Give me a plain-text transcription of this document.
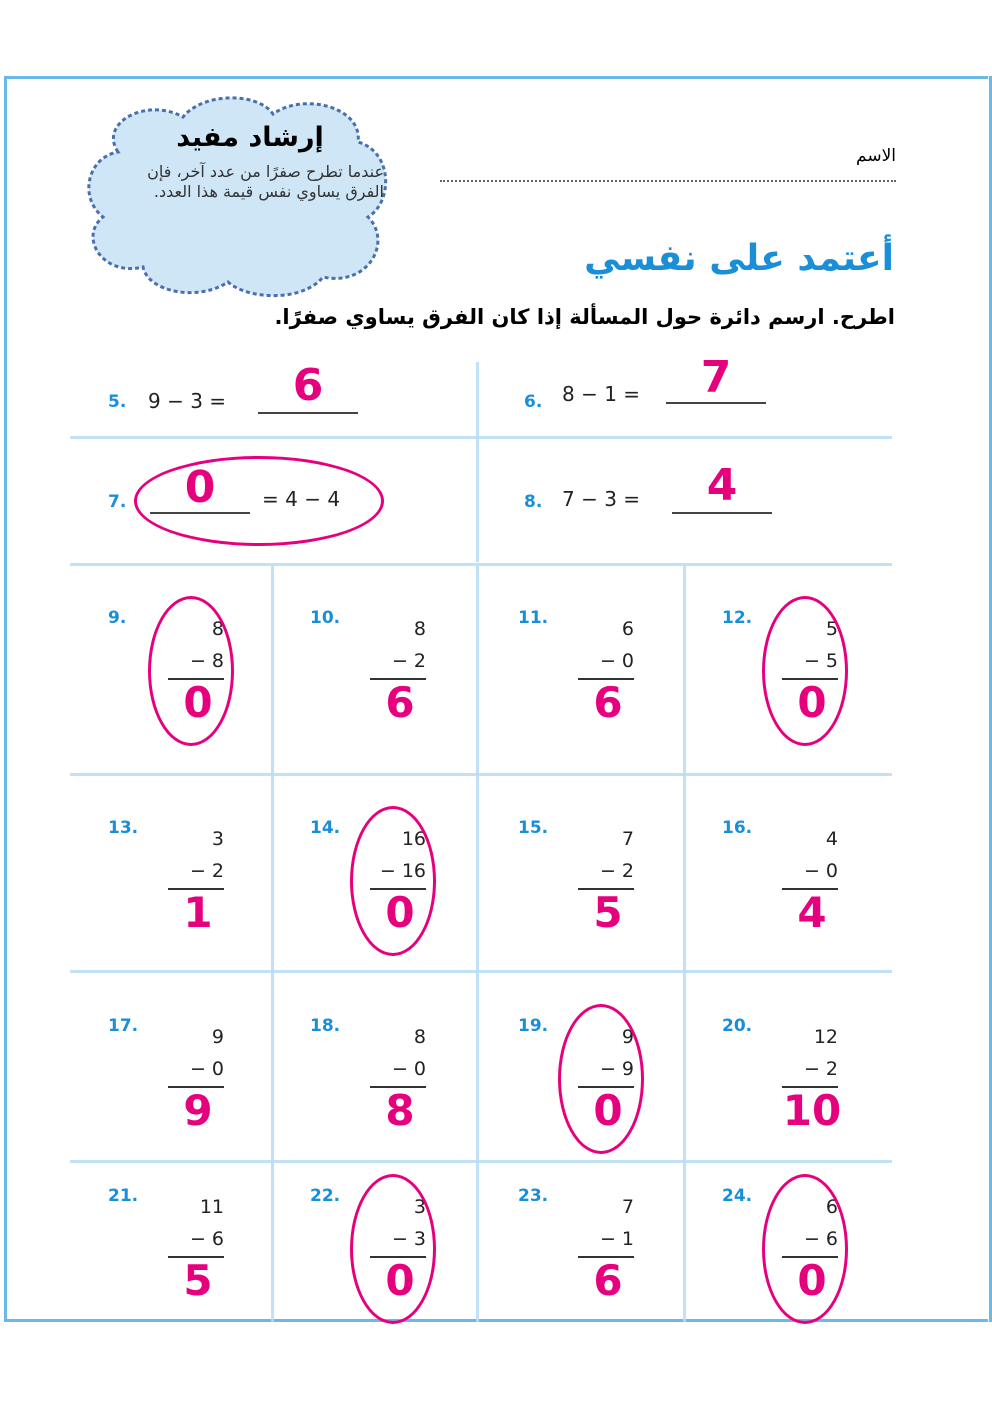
إرشاد مفيد
عندما تطرح صفرًا من عدد آخر، فإن الفرق يساوي نفس قيمة هذا العدد.
الاسم
أعتمد على نفسي
اطرح. ارسم دائرة حول المسألة إذا كان الفرق يساوي صفرًا.
5. 9 − 3 =	6	6. 8 − 1 =	7
7.	0	= 4 − 4	8. 7 − 3 =	4
9.	8
− 8
0
10.	8
− 2
6
11.	6
− 0
6
12.	5
− 5
0
13.	3
− 2
1
14.	16
− 16
0
15.	7
− 2
5
16.	4
− 0
4
17.	9
− 0
9
18.	8
− 0
8
19.	9
− 9
0
20.	12
− 2
10
21.	11
− 6
5
22.	3
− 3
0
23.	7
− 1
6
24.	6
− 6
0
